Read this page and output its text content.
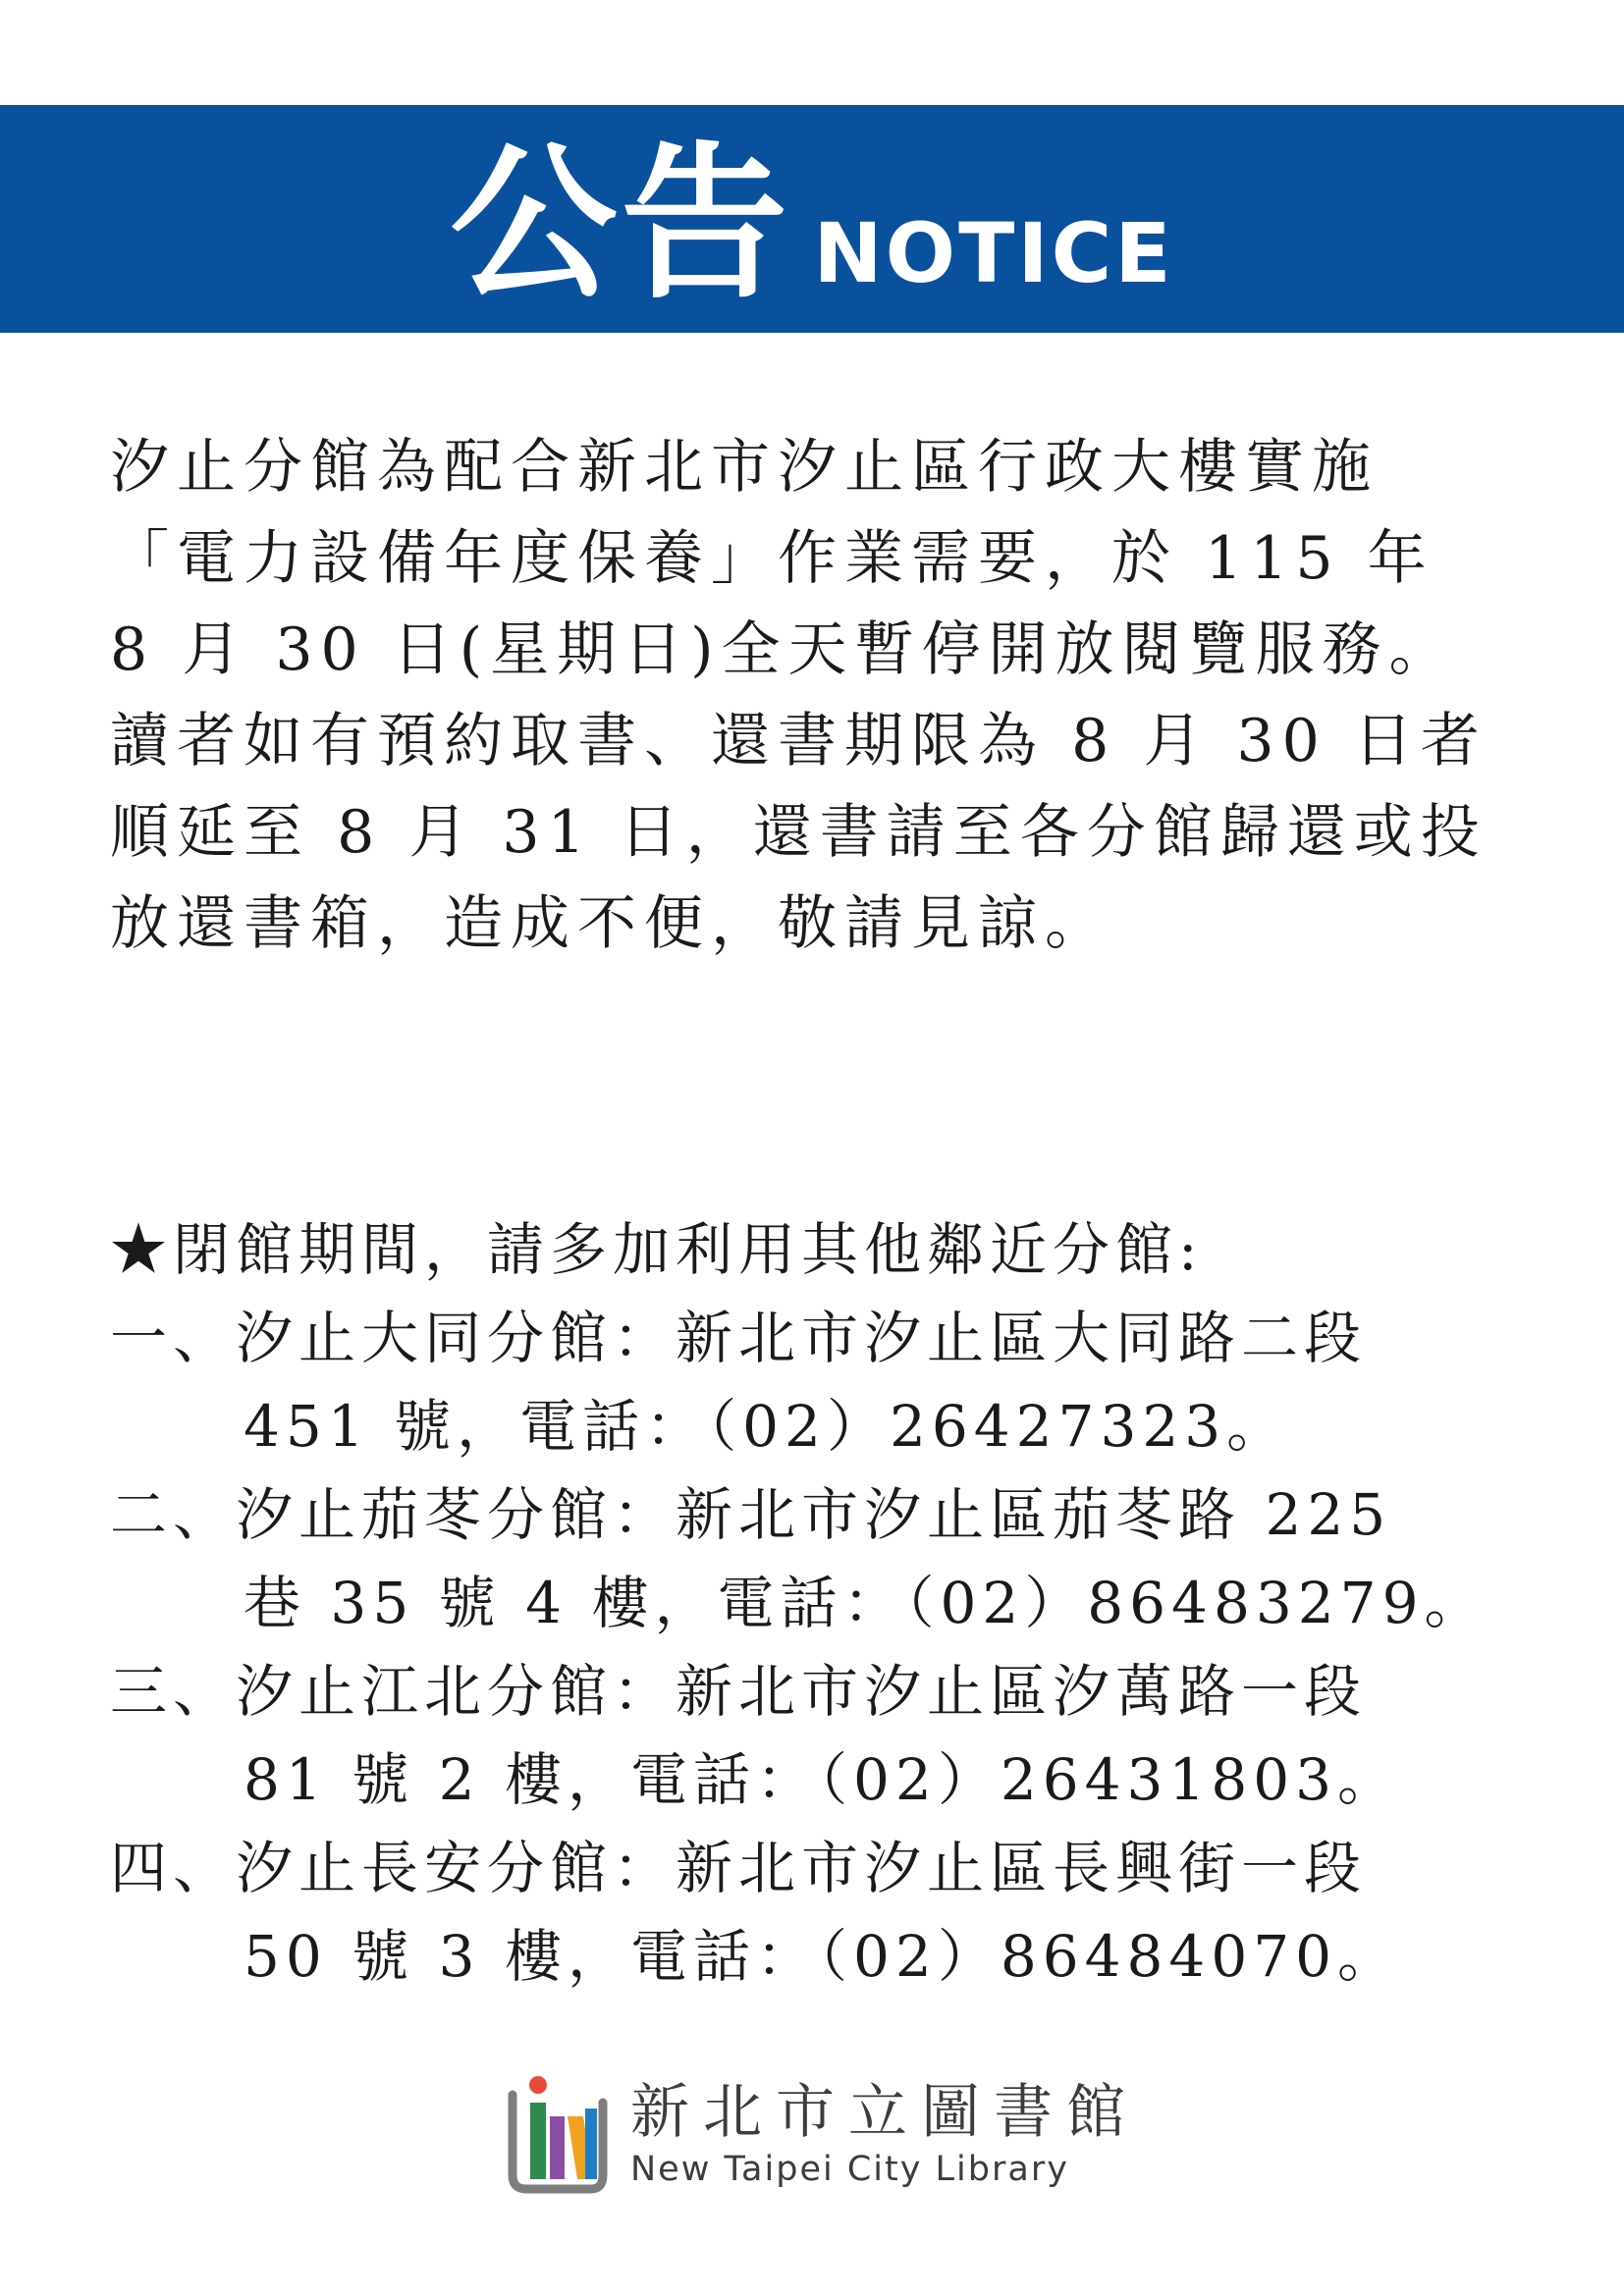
公告 NOTICE
汐止分館為配合新北市汐止區行政大樓實施
「電力設備年度保養」作業需要，於 115 年
8 月 30 日(星期日)全天暫停開放閱覽服務。
讀者如有預約取書、還書期限為 8 月 30 日者
順延至 8 月 31 日，還書請至各分館歸還或投
放還書箱，造成不便，敬請見諒。
★閉館期間，請多加利用其他鄰近分館:
一、汐止大同分館：新北市汐止區大同路二段
451 號，電話：（02）26427323。
二、汐止茄苳分館：新北市汐止區茄苳路 225
巷 35 號 4 樓，電話：（02）86483279。
三、汐止江北分館：新北市汐止區汐萬路一段
81 號 2 樓，電話：（02）26431803。
四、汐止長安分館：新北市汐止區長興街一段
50 號 3 樓，電話：（02）86484070。
新北市立圖書館
New Taipei City Library
